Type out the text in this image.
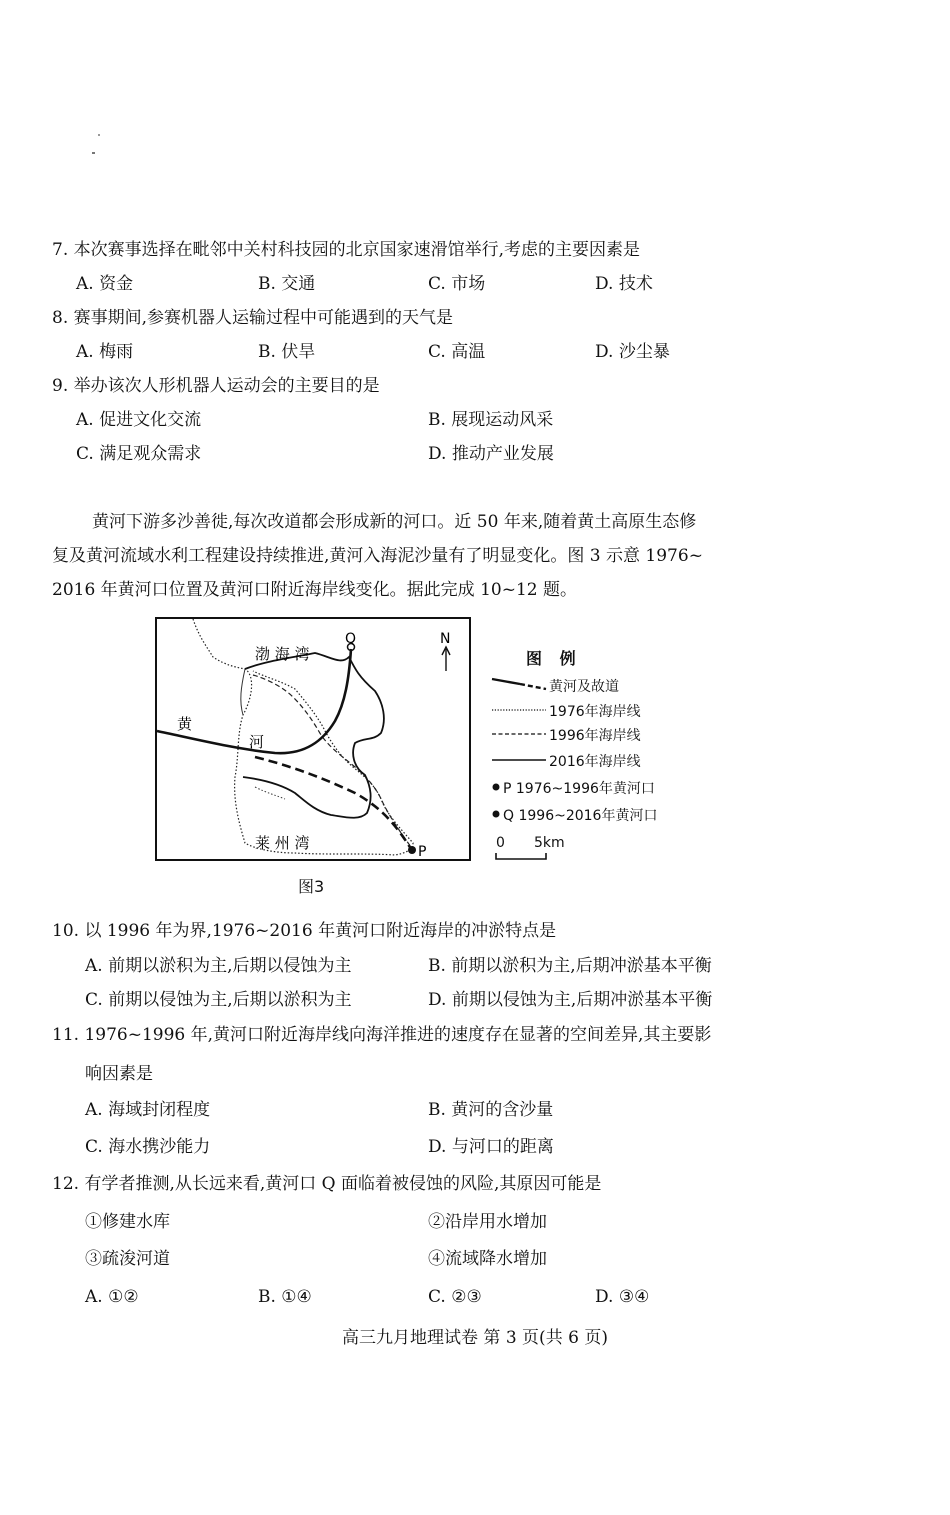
7. 本次赛事选择在毗邻中关村科技园的北京国家速滑馆举行,考虑的主要因素是
A. 资金	B. 交通	C. 市场	D. 技术
8. 赛事期间,参赛机器人运输过程中可能遇到的天气是
A. 梅雨	B. 伏旱	C. 高温	D. 沙尘暴
9. 举办该次人形机器人运动会的主要目的是
A. 促进文化交流	B. 展现运动风采
C. 满足观众需求	D. 推动产业发展
黄河下游多沙善徙,每次改道都会形成新的河口。近 50 年来,随着黄土高原生态修
复及黄河流域水利工程建设持续推进,黄河入海泥沙量有了明显变化。图 3 示意 1976~
2016 年黄河口位置及黄河口附近海岸线变化。据此完成 10~12 题。
渤 海 湾
莱 州 湾
黄
河
N
Q
P
图 例
黄河及故道
1976年海岸线
1996年海岸线
2016年海岸线
P 1976~1996年黄河口
Q 1996~2016年黄河口
0 5km
图3
10. 以 1996 年为界,1976~2016 年黄河口附近海岸的冲淤特点是
A. 前期以淤积为主,后期以侵蚀为主	B. 前期以淤积为主,后期冲淤基本平衡
C. 前期以侵蚀为主,后期以淤积为主	D. 前期以侵蚀为主,后期冲淤基本平衡
11. 1976~1996 年,黄河口附近海岸线向海洋推进的速度存在显著的空间差异,其主要影
响因素是
A. 海域封闭程度	B. 黄河的含沙量
C. 海水携沙能力	D. 与河口的距离
12. 有学者推测,从长远来看,黄河口 Q 面临着被侵蚀的风险,其原因可能是
①修建水库	②沿岸用水增加
③疏浚河道	④流域降水增加
A. ①②	B. ①④	C. ②③	D. ③④
高三九月地理试卷 第 3 页(共 6 页)
